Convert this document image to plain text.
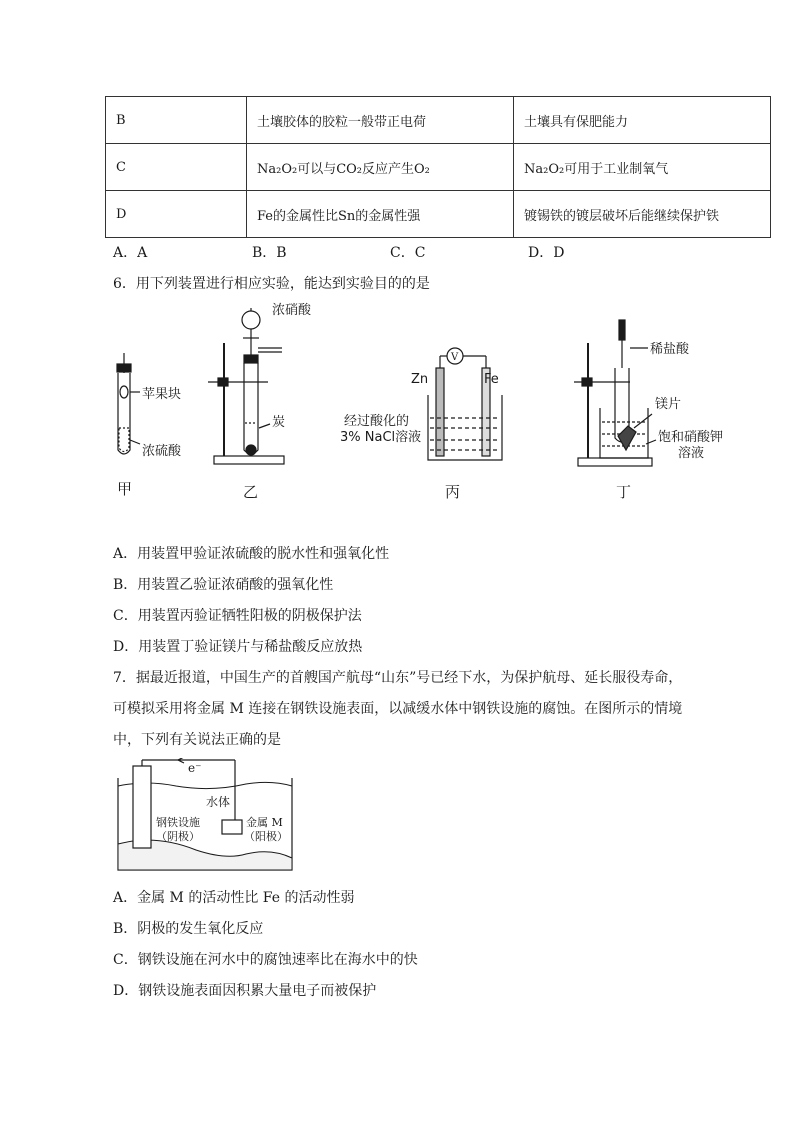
B	土壤胶体的胶粒一般带正电荷	土壤具有保肥能力
C	Na₂O₂可以与CO₂反应产生O₂	Na₂O₂可用于工业制氧气
D	Fe的金属性比Sn的金属性强	镀锡铁的镀层破坏后能继续保护铁
A．A	B．B	C．C	D．D
6．用下列装置进行相应实验，能达到实验目的的是
苹果块
浓硫酸
浓硝酸
炭
V
Zn	Fe
经过酸化的
3% NaCl溶液
稀盐酸
镁片
饱和硝酸钾
溶液
甲	乙	丙	丁
A．用装置甲验证浓硫酸的脱水性和强氧化性
B．用装置乙验证浓硝酸的强氧化性
C．用装置丙验证牺牲阳极的阴极保护法
D．用装置丁验证镁片与稀盐酸反应放热
7．据最近报道，中国生产的首艘国产航母“山东”号已经下水，为保护航母、延长服役寿命，
可模拟采用将金属 M 连接在钢铁设施表面，以减缓水体中钢铁设施的腐蚀。在图所示的情境
中，下列有关说法正确的是
e⁻
水体
钢铁设施
（阴极）
金属 M
（阳极）
A．金属 M 的活动性比 Fe 的活动性弱
B．阴极的发生氧化反应
C．钢铁设施在河水中的腐蚀速率比在海水中的快
D．钢铁设施表面因积累大量电子而被保护
